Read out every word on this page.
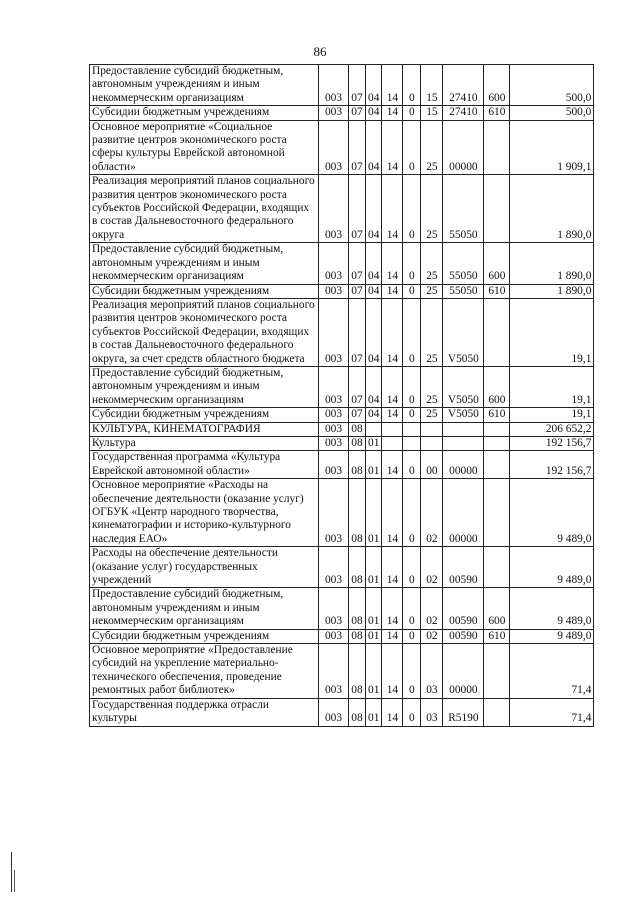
86
Предоставление субсидий бюджетным, автономным учреждениям и иным некоммерческим организациям	003	07	04	14	0	15	27410	600	500,0
Субсидии бюджетным учреждениям	003	07	04	14	0	15	27410	610	500,0
Основное мероприятие «Социальное развитие центров экономического роста сферы культуры Еврейской автономной области»	003	07	04	14	0	25	00000		1 909,1
Реализация мероприятий планов социального развития центров экономического роста субъектов Российской Федерации, входящих в состав Дальневосточного федерального округа	003	07	04	14	0	25	55050		1 890,0
Предоставление субсидий бюджетным, автономным учреждениям и иным некоммерческим организациям	003	07	04	14	0	25	55050	600	1 890,0
Субсидии бюджетным учреждениям	003	07	04	14	0	25	55050	610	1 890,0
Реализация мероприятий планов социального развития центров экономического роста субъектов Российской Федерации, входящих в состав Дальневосточного федерального округа, за счет средств областного бюджета	003	07	04	14	0	25	V5050		19,1
Предоставление субсидий бюджетным, автономным учреждениям и иным некоммерческим организациям	003	07	04	14	0	25	V5050	600	19,1
Субсидии бюджетным учреждениям	003	07	04	14	0	25	V5050	610	19,1
КУЛЬТУРА, КИНЕМАТОГРАФИЯ	003	08							206 652,2
Культура	003	08	01						192 156,7
Государственная программа «Культура Еврейской автономной области»	003	08	01	14	0	00	00000		192 156,7
Основное мероприятие «Расходы на обеспечение деятельности (оказание услуг) ОГБУК «Центр народного творчества, кинематографии и историко-культурного наследия ЕАО»	003	08	01	14	0	02	00000		9 489,0
Расходы на обеспечение деятельности (оказание услуг) государственных учреждений	003	08	01	14	0	02	00590		9 489,0
Предоставление субсидий бюджетным, автономным учреждениям и иным некоммерческим организациям	003	08	01	14	0	02	00590	600	9 489,0
Субсидии бюджетным учреждениям	003	08	01	14	0	02	00590	610	9 489,0
Основное мероприятие «Предоставление субсидий на укрепление материально-технического обеспечения, проведение ремонтных работ библиотек»	003	08	01	14	0	03	00000		71,4
Государственная поддержка отрасли культуры	003	08	01	14	0	03	R5190		71,4
